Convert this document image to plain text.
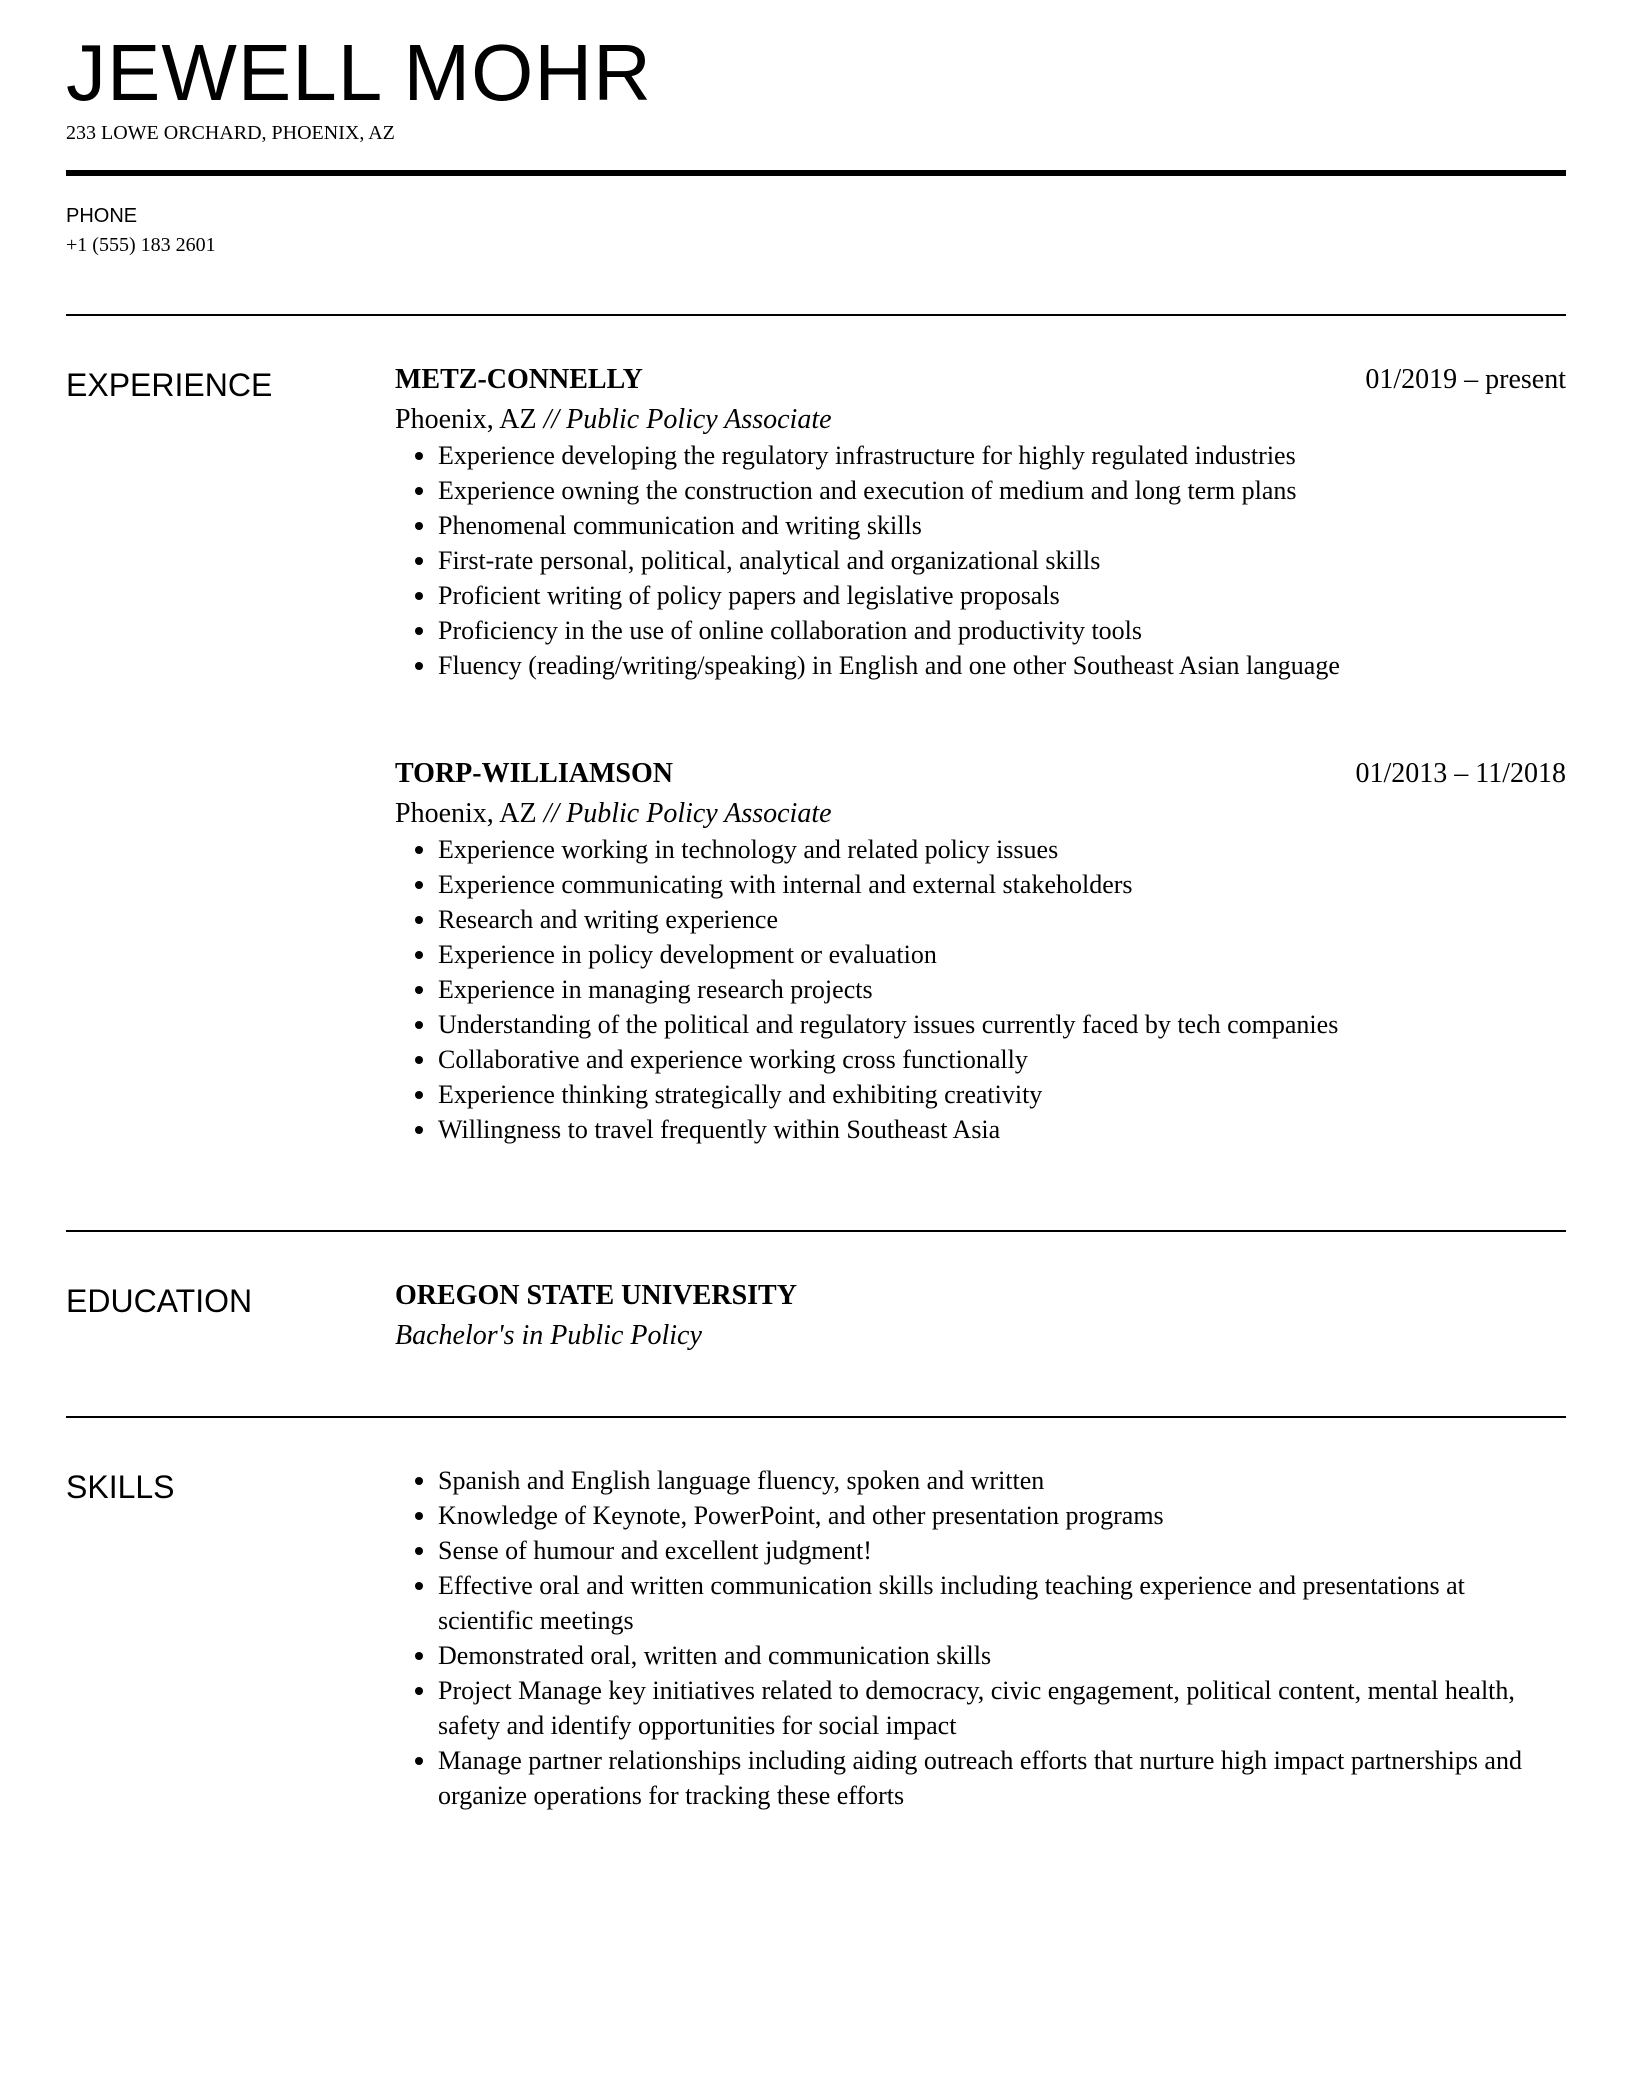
JEWELL MOHR
233 LOWE ORCHARD, PHOENIX, AZ
PHONE
+1 (555) 183 2601
EXPERIENCE	METZ-CONNELLY	01/2019 – present
Phoenix, AZ // Public Policy Associate
Experience developing the regulatory infrastructure for highly regulated industries
Experience owning the construction and execution of medium and long term plans
Phenomenal communication and writing skills
First-rate personal, political, analytical and organizational skills
Proficient writing of policy papers and legislative proposals
Proficiency in the use of online collaboration and productivity tools
Fluency (reading/writing/speaking) in English and one other Southeast Asian language
TORP-WILLIAMSON	01/2013 – 11/2018
Phoenix, AZ // Public Policy Associate
Experience working in technology and related policy issues
Experience communicating with internal and external stakeholders
Research and writing experience
Experience in policy development or evaluation
Experience in managing research projects
Understanding of the political and regulatory issues currently faced by tech companies
Collaborative and experience working cross functionally
Experience thinking strategically and exhibiting creativity
Willingness to travel frequently within Southeast Asia
EDUCATION	OREGON STATE UNIVERSITY
Bachelor's in Public Policy
SKILLS	Spanish and English language fluency, spoken and written
Knowledge of Keynote, PowerPoint, and other presentation programs
Sense of humour and excellent judgment!
Effective oral and written communication skills including teaching experience and presentations at scientific meetings
Demonstrated oral, written and communication skills
Project Manage key initiatives related to democracy, civic engagement, political content, mental health, safety and identify opportunities for social impact
Manage partner relationships including aiding outreach efforts that nurture high impact partnerships and organize operations for tracking these efforts
